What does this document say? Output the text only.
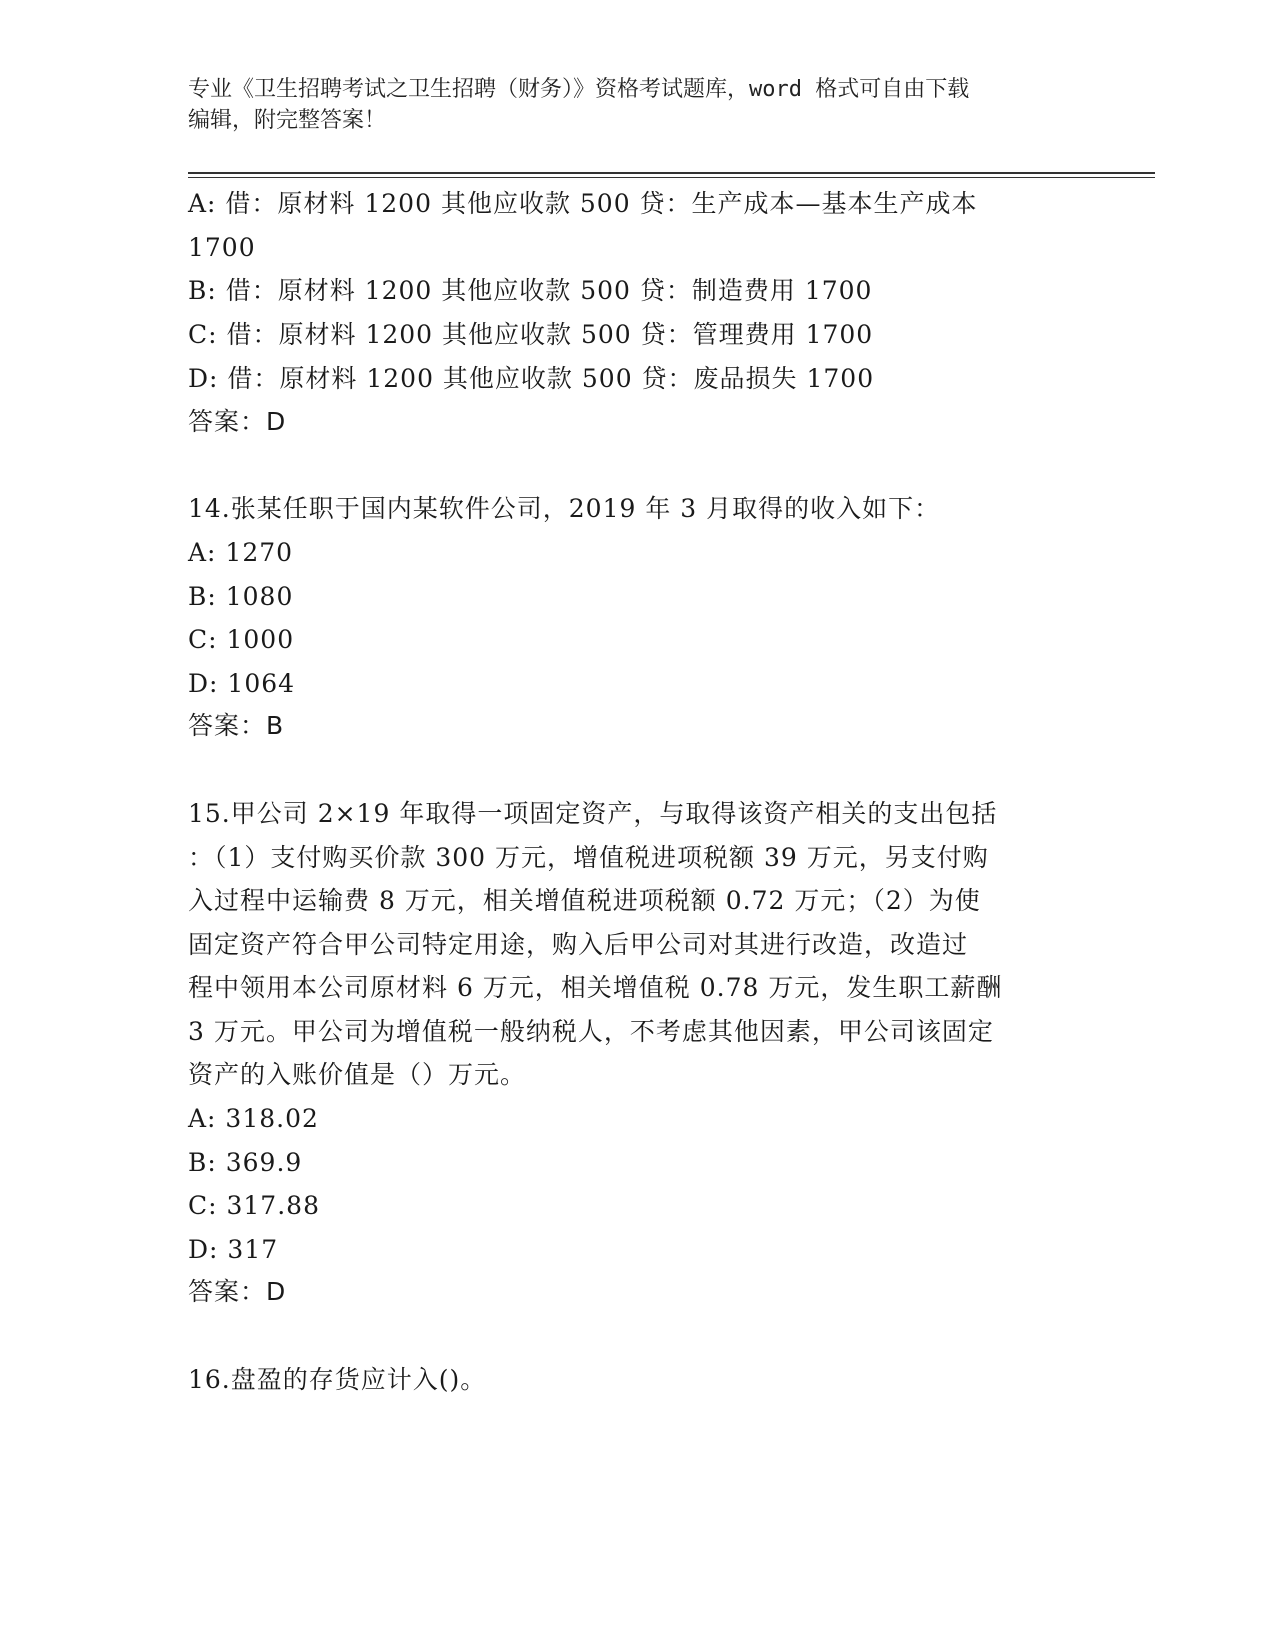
专业《卫生招聘考试之卫生招聘（财务）》资格考试题库，word 格式可自由下载
编辑，附完整答案！
A: 借：原材料 1200 其他应收款 500 贷：生产成本—基本生产成本
1700
B: 借：原材料 1200 其他应收款 500 贷：制造费用 1700
C: 借：原材料 1200 其他应收款 500 贷：管理费用 1700
D: 借：原材料 1200 其他应收款 500 贷：废品损失 1700
答案：D
14.张某任职于国内某软件公司，2019 年 3 月取得的收入如下：
A: 1270
B: 1080
C: 1000
D: 1064
答案：B
15.甲公司 2×19 年取得一项固定资产，与取得该资产相关的支出包括
：（1）支付购买价款 300 万元，增值税进项税额 39 万元，另支付购
入过程中运输费 8 万元，相关增值税进项税额 0.72 万元；（2）为使
固定资产符合甲公司特定用途，购入后甲公司对其进行改造，改造过
程中领用本公司原材料 6 万元，相关增值税 0.78 万元，发生职工薪酬
3 万元。甲公司为增值税一般纳税人，不考虑其他因素，甲公司该固定
资产的入账价值是（）万元。
A: 318.02
B: 369.9
C: 317.88
D: 317
答案：D
16.盘盈的存货应计入()。
